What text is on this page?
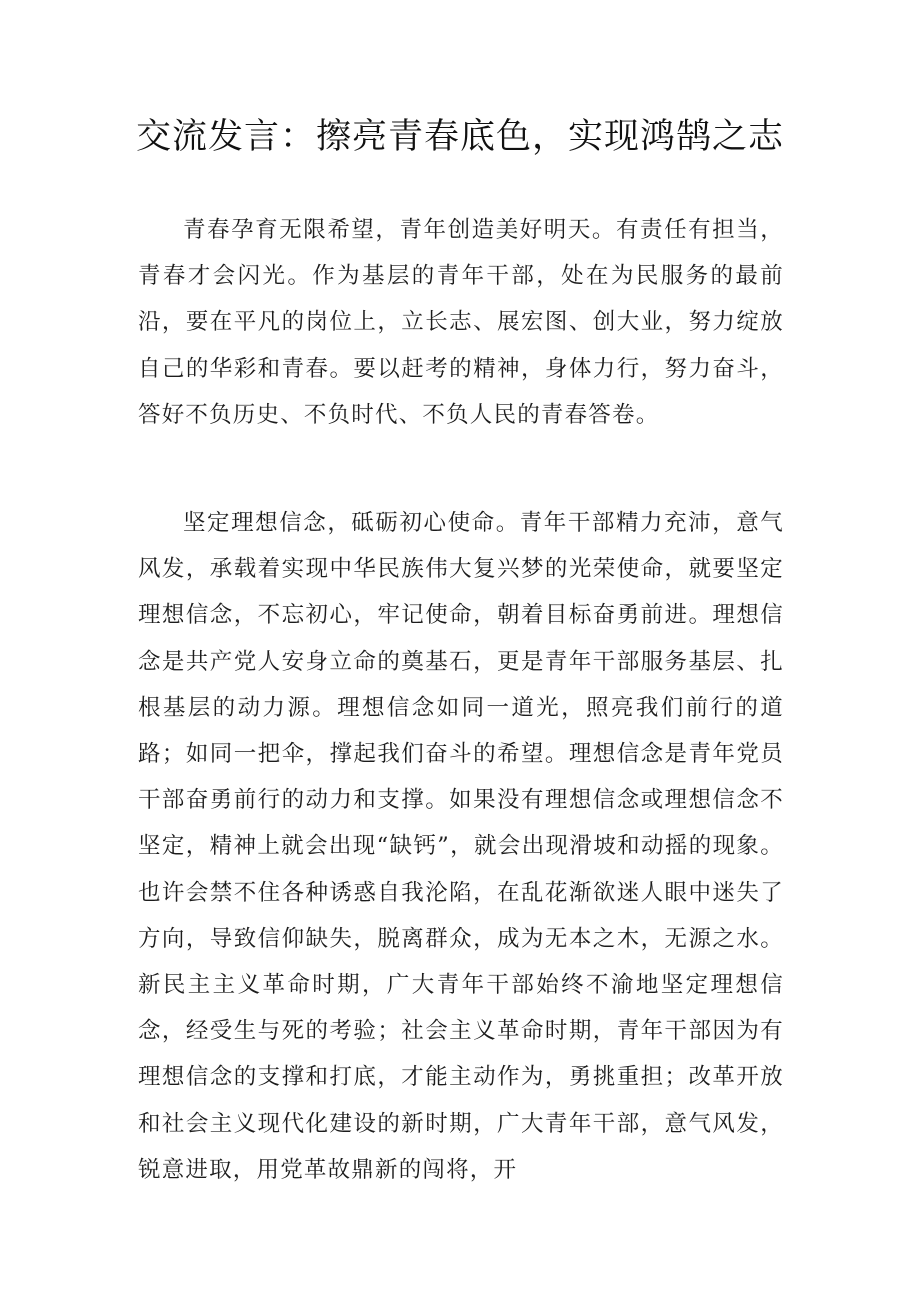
交流发言：擦亮青春底色，实现鸿鹄之志

青春孕育无限希望，青年创造美好明天。有责任有担当，青春才会闪光。作为基层的青年干部，处在为民服务的最前沿，要在平凡的岗位上，立长志、展宏图、创大业，努力绽放自己的华彩和青春。要以赶考的精神，身体力行，努力奋斗，答好不负历史、不负时代、不负人民的青春答卷。

坚定理想信念，砥砺初心使命。青年干部精力充沛，意气风发，承载着实现中华民族伟大复兴梦的光荣使命，就要坚定理想信念，不忘初心，牢记使命，朝着目标奋勇前进。理想信念是共产党人安身立命的奠基石，更是青年干部服务基层、扎根基层的动力源。理想信念如同一道光，照亮我们前行的道路；如同一把伞，撑起我们奋斗的希望。理想信念是青年党员干部奋勇前行的动力和支撑。如果没有理想信念或理想信念不坚定，精神上就会出现“缺钙”，就会出现滑坡和动摇的现象。也许会禁不住各种诱惑自我沦陷，在乱花渐欲迷人眼中迷失了方向，导致信仰缺失，脱离群众，成为无本之木，无源之水。新民主主义革命时期，广大青年干部始终不渝地坚定理想信念，经受生与死的考验；社会主义革命时期，青年干部因为有理想信念的支撑和打底，才能主动作为，勇挑重担；改革开放和社会主义现代化建设的新时期，广大青年干部，意气风发，锐意进取，用党革故鼎新的闯将，开
